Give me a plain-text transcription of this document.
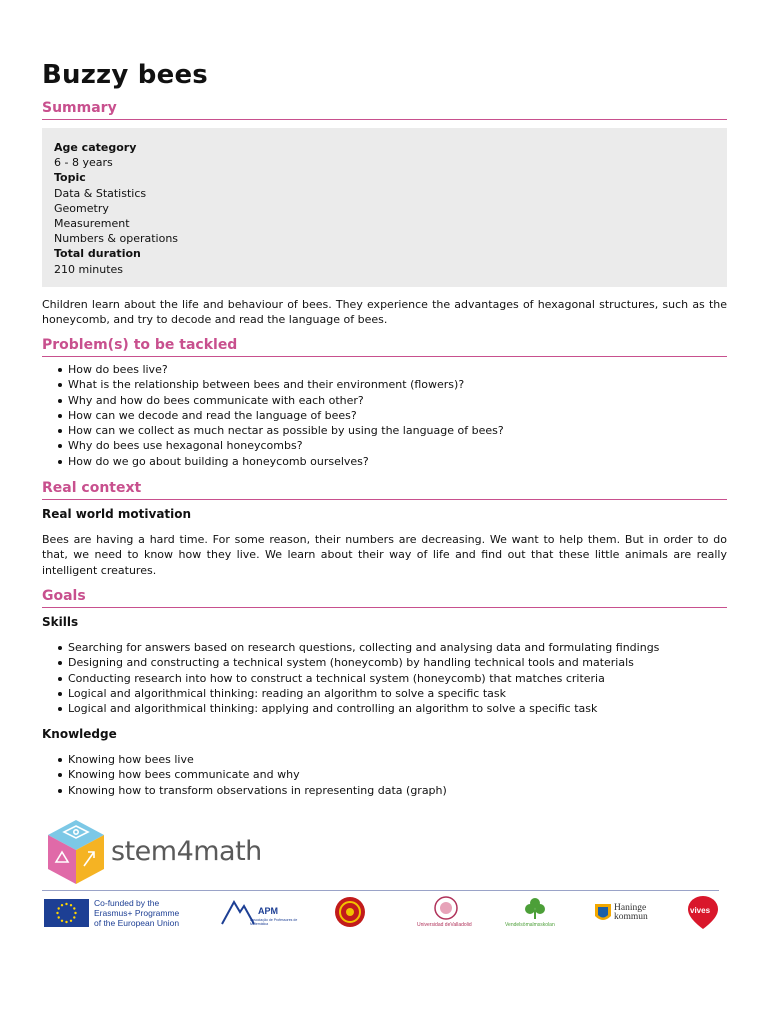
Buzzy bees
Summary
Age category
6 - 8 years
Topic
Data & Statistics
Geometry
Measurement
Numbers & operations
Total duration
210 minutes

Children learn about the life and behaviour of bees. They experience the advantages of hexagonal structures, such as the honeycomb, and try to decode and read the language of bees.

Problem(s) to be tackled
How do bees live?
What is the relationship between bees and their environment (flowers)?
Why and how do bees communicate with each other?
How can we decode and read the language of bees?
How can we collect as much nectar as possible by using the language of bees?
Why do bees use hexagonal honeycombs?
How do we go about building a honeycomb ourselves?
Real context
Real world motivation

Bees are having a hard time. For some reason, their numbers are decreasing. We want to help them. But in order to do that, we need to know how they live. We learn about their way of life and find out that these little animals are really intelligent creatures.

Goals
Skills
Searching for answers based on research questions, collecting and analysing data and formulating findings
Designing and constructing a technical system (honeycomb) by handling technical tools and materials
Conducting research into how to construct a technical system (honeycomb) that matches criteria
Logical and algorithmical thinking: reading an algorithm to solve a specific task
Logical and algorithmical thinking: applying and controlling an algorithm to solve a specific task
Knowledge
Knowing how bees live
Knowing how bees communicate and why
Knowing how to transform observations in representing data (graph)
stem4math
Co-funded by the
Erasmus+ Programme
of the European Union
APM
Associação de Professores de Matemática	Universidad deValladolid	Vendelsömalmsskolan
Haninge
kommun
vives
